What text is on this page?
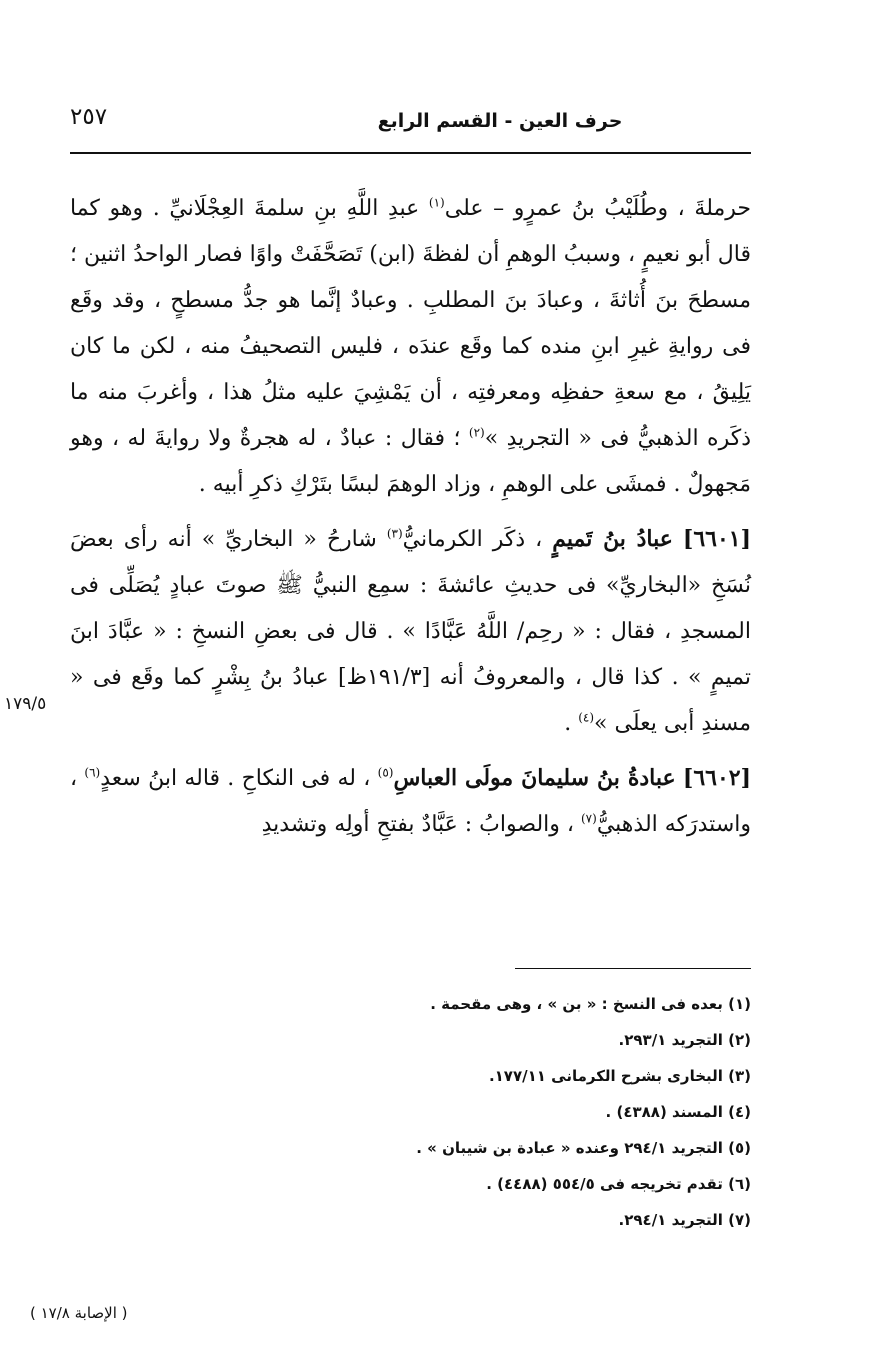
٢٥٧	حرف العين - القسم الرابع

حرملةَ ، وطُلَيْبُ بنُ عمرٍو – على$^{(١)}$ عبدِ اللَّهِ بنِ سلمةَ العِجْلَانيِّ . وهو كما قال أبو نعيمٍ ، وسببُ الوهمِ أن لفظةَ (ابن) تَصَحَّفَتْ واوًا فصار الواحدُ اثنين ؛ مسطحَ بنَ أُثاثةَ ، وعبادَ بنَ المطلبِ . وعبادٌ إنَّما هو جدُّ مسطحٍ ، وقد وقَع فى روايةِ غيرِ ابنِ منده كما وقَع عندَه ، فليس التصحيفُ منه ، لكن ما كان يَلِيقُ ، مع سعةِ حفظِه ومعرفتِه ، أن يَمْشِيَ عليه مثلُ هذا ، وأغربَ منه ما ذكَره الذهبيُّ فى « التجريدِ »$^{(٢)}$ ؛ فقال : عبادٌ ، له هجرةٌ ولا روايةَ له ، وهو مَجهولٌ . فمشَى على الوهمِ ، وزاد الوهمَ لبسًا بتَرْكِ ذكرِ أبيه .

[٦٦٠١] عبادُ بنُ تَميمٍ ، ذكَر الكرمانيُّ$^{(٣)}$ شارحُ « البخاريِّ » أنه رأى بعضَ نُسَخِ «البخاريِّ» فى حديثِ عائشةَ : سمِع النبيُّ ﷺ صوتَ عبادٍ يُصَلِّى فى المسجدِ ، فقال : « رحِم/ اللَّهُ عَبَّادًا » . قال فى بعضِ النسخِ : « عبَّادَ ابنَ تميمٍ » . كذا قال ، والمعروفُ أنه [١٩١/٣ظ] عبادُ بنُ بِشْرٍ كما وقَع فى « مسندِ أبى يعلَى »$^{(٤)}$ .

[٦٦٠٢] عبادةُ بنُ سليمانَ مولَى العباسِ$^{(٥)}$ ، له فى النكاحِ . قاله ابنُ سعدٍ$^{(٦)}$ ، واستدرَكه الذهبيُّ$^{(٧)}$ ، والصوابُ : عَبَّادٌ بفتحِ أولِه وتشديدِ

١٧٩/٥
(١) بعده فى النسخ : « بن » ، وهى مقحمة .
(٢) التجريد ٢٩٣/١.
(٣) البخارى بشرح الكرمانى ١٧٧/١١.
(٤) المسند (٤٣٨٨) .
(٥) التجريد ٢٩٤/١ وعنده « عبادة بن شيبان » .
(٦) تقدم تخريجه فى ٥٥٤/٥ (٤٤٨٨) .
(٧) التجريد ٢٩٤/١.
( الإصابة ١٧/٨ )
